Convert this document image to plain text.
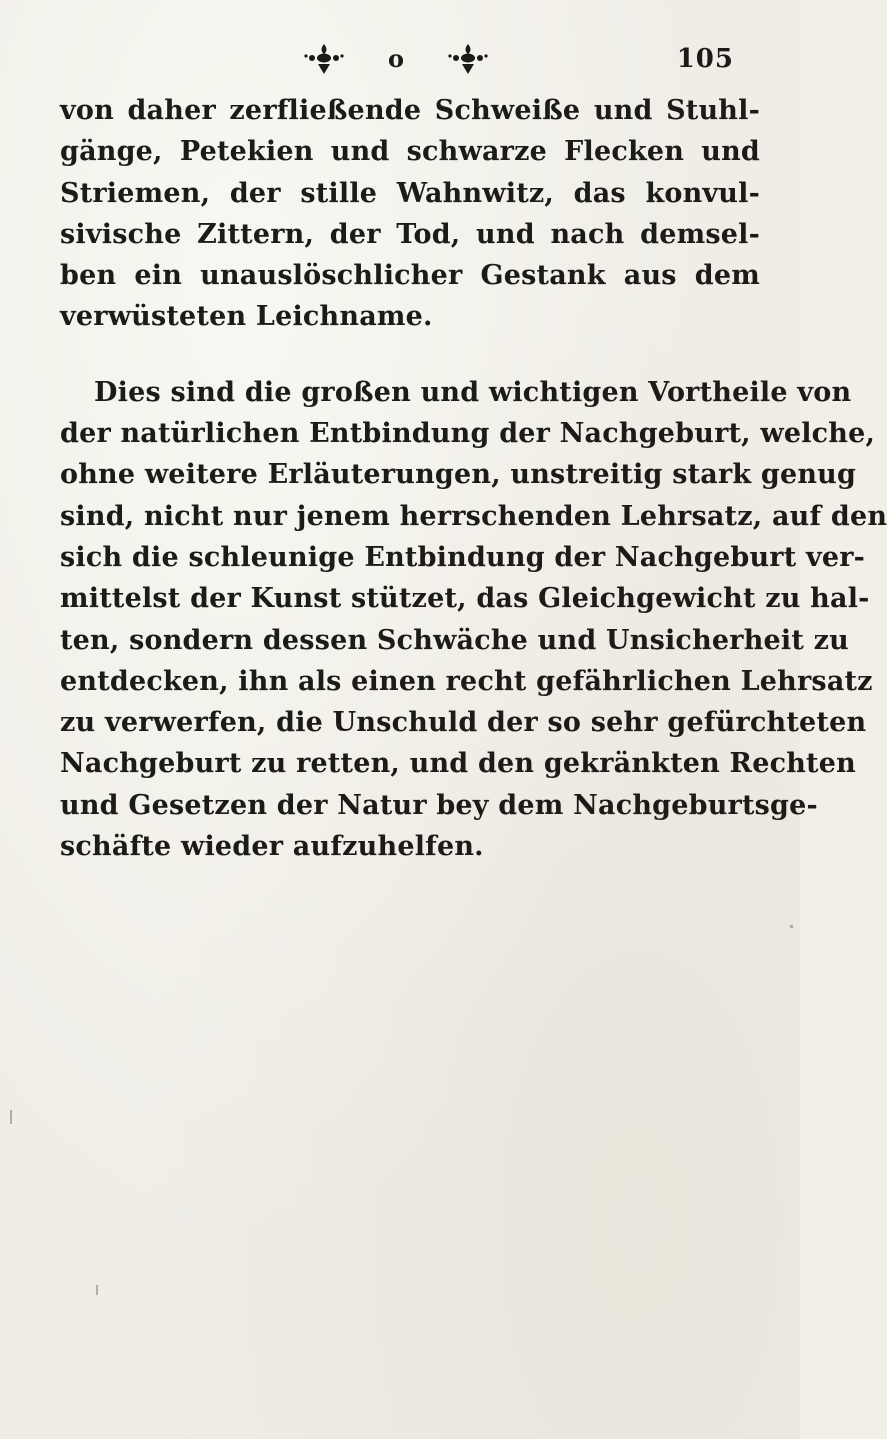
o	105
von daher zerfließende Schweiße und Stuhl-
gänge, Petekien und schwarze Flecken und
Striemen, der stille Wahnwitz, das konvul-
sivische Zittern, der Tod, und nach demsel-
ben ein unauslöschlicher Gestank aus dem
verwüsteten Leichname.
Dies sind die großen und wichtigen Vortheile von
der natürlichen Entbindung der Nachgeburt, welche,
ohne weitere Erläuterungen, unstreitig stark genug
sind, nicht nur jenem herrschenden Lehrsatz, auf den
sich die schleunige Entbindung der Nachgeburt ver-
mittelst der Kunst stützet, das Gleichgewicht zu hal-
ten, sondern dessen Schwäche und Unsicherheit zu
entdecken, ihn als einen recht gefährlichen Lehrsatz
zu verwerfen, die Unschuld der so sehr gefürchteten
Nachgeburt zu retten, und den gekränkten Rechten
und Gesetzen der Natur bey dem Nachgeburtsge-
schäfte wieder aufzuhelfen.
